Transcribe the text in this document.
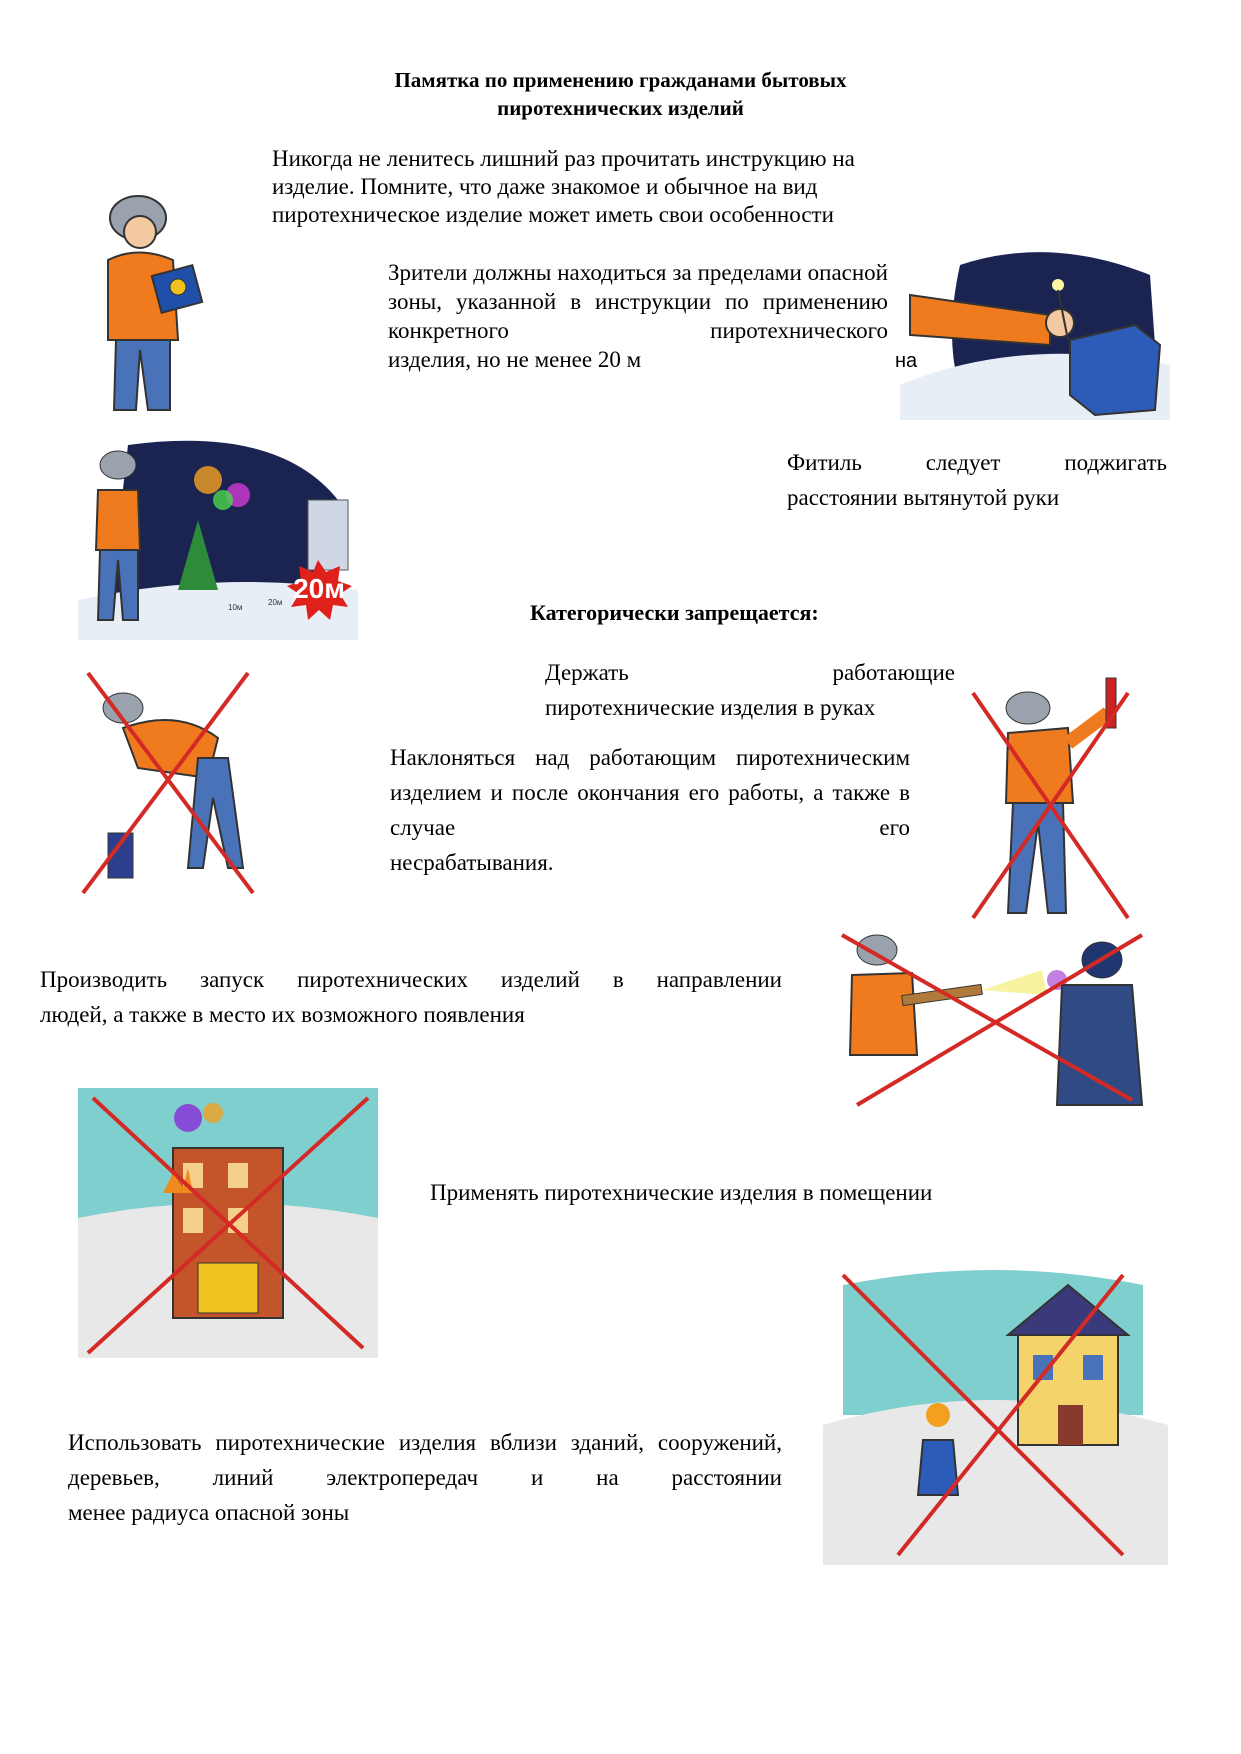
Памятка по применению гражданами бытовых
пиротехнических изделий
Никогда не ленитесь лишний раз прочитать инструкцию на изделие. Помните, что даже знакомое и обычное на вид пиротехническое изделие может иметь свои особенности
Зрители должны находиться за пределами опасной зоны, указанной в инструкции по применению конкретного пиротехнического
изделия, но не менее 20 м	на
Фитиль следует поджигать
расстоянии вытянутой руки
20м
10м
20м	Категорически запрещается:
Держать работающие
пиротехнические изделия в руках
Наклоняться над работающим пиротехническим изделием и после окончания его работы, а также в случае его
несрабатывания.
Производить запуск пиротехнических изделий в направлении
людей, а также в место их возможного появления
Применять пиротехнические изделия в помещении
Использовать пиротехнические изделия вблизи зданий, сооружений, деревьев, линий электропередач и на расстоянии
менее радиуса опасной зоны
